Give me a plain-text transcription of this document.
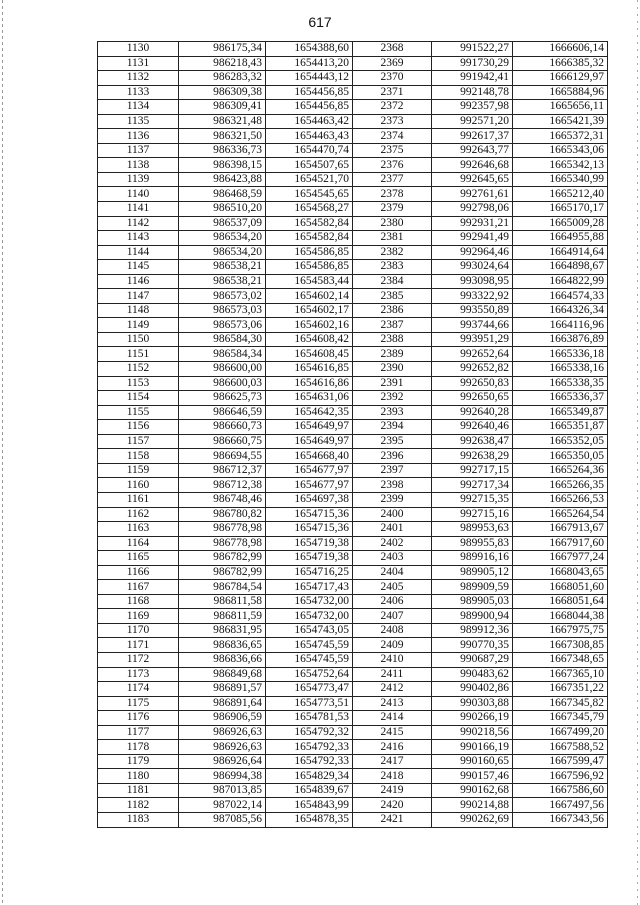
617
1130	986175,34	1654388,60	2368	991522,27	1666606,14
1131	986218,43	1654413,20	2369	991730,29	1666385,32
1132	986283,32	1654443,12	2370	991942,41	1666129,97
1133	986309,38	1654456,85	2371	992148,78	1665884,96
1134	986309,41	1654456,85	2372	992357,98	1665656,11
1135	986321,48	1654463,42	2373	992571,20	1665421,39
1136	986321,50	1654463,43	2374	992617,37	1665372,31
1137	986336,73	1654470,74	2375	992643,77	1665343,06
1138	986398,15	1654507,65	2376	992646,68	1665342,13
1139	986423,88	1654521,70	2377	992645,65	1665340,99
1140	986468,59	1654545,65	2378	992761,61	1665212,40
1141	986510,20	1654568,27	2379	992798,06	1665170,17
1142	986537,09	1654582,84	2380	992931,21	1665009,28
1143	986534,20	1654582,84	2381	992941,49	1664955,88
1144	986534,20	1654586,85	2382	992964,46	1664914,64
1145	986538,21	1654586,85	2383	993024,64	1664898,67
1146	986538,21	1654583,44	2384	993098,95	1664822,99
1147	986573,02	1654602,14	2385	993322,92	1664574,33
1148	986573,03	1654602,17	2386	993550,89	1664326,34
1149	986573,06	1654602,16	2387	993744,66	1664116,96
1150	986584,30	1654608,42	2388	993951,29	1663876,89
1151	986584,34	1654608,45	2389	992652,64	1665336,18
1152	986600,00	1654616,85	2390	992652,82	1665338,16
1153	986600,03	1654616,86	2391	992650,83	1665338,35
1154	986625,73	1654631,06	2392	992650,65	1665336,37
1155	986646,59	1654642,35	2393	992640,28	1665349,87
1156	986660,73	1654649,97	2394	992640,46	1665351,87
1157	986660,75	1654649,97	2395	992638,47	1665352,05
1158	986694,55	1654668,40	2396	992638,29	1665350,05
1159	986712,37	1654677,97	2397	992717,15	1665264,36
1160	986712,38	1654677,97	2398	992717,34	1665266,35
1161	986748,46	1654697,38	2399	992715,35	1665266,53
1162	986780,82	1654715,36	2400	992715,16	1665264,54
1163	986778,98	1654715,36	2401	989953,63	1667913,67
1164	986778,98	1654719,38	2402	989955,83	1667917,60
1165	986782,99	1654719,38	2403	989916,16	1667977,24
1166	986782,99	1654716,25	2404	989905,12	1668043,65
1167	986784,54	1654717,43	2405	989909,59	1668051,60
1168	986811,58	1654732,00	2406	989905,03	1668051,64
1169	986811,59	1654732,00	2407	989900,94	1668044,38
1170	986831,95	1654743,05	2408	989912,36	1667975,75
1171	986836,65	1654745,59	2409	990770,35	1667308,85
1172	986836,66	1654745,59	2410	990687,29	1667348,65
1173	986849,68	1654752,64	2411	990483,62	1667365,10
1174	986891,57	1654773,47	2412	990402,86	1667351,22
1175	986891,64	1654773,51	2413	990303,88	1667345,82
1176	986906,59	1654781,53	2414	990266,19	1667345,79
1177	986926,63	1654792,32	2415	990218,56	1667499,20
1178	986926,63	1654792,33	2416	990166,19	1667588,52
1179	986926,64	1654792,33	2417	990160,65	1667599,47
1180	986994,38	1654829,34	2418	990157,46	1667596,92
1181	987013,85	1654839,67	2419	990162,68	1667586,60
1182	987022,14	1654843,99	2420	990214,88	1667497,56
1183	987085,56	1654878,35	2421	990262,69	1667343,56
